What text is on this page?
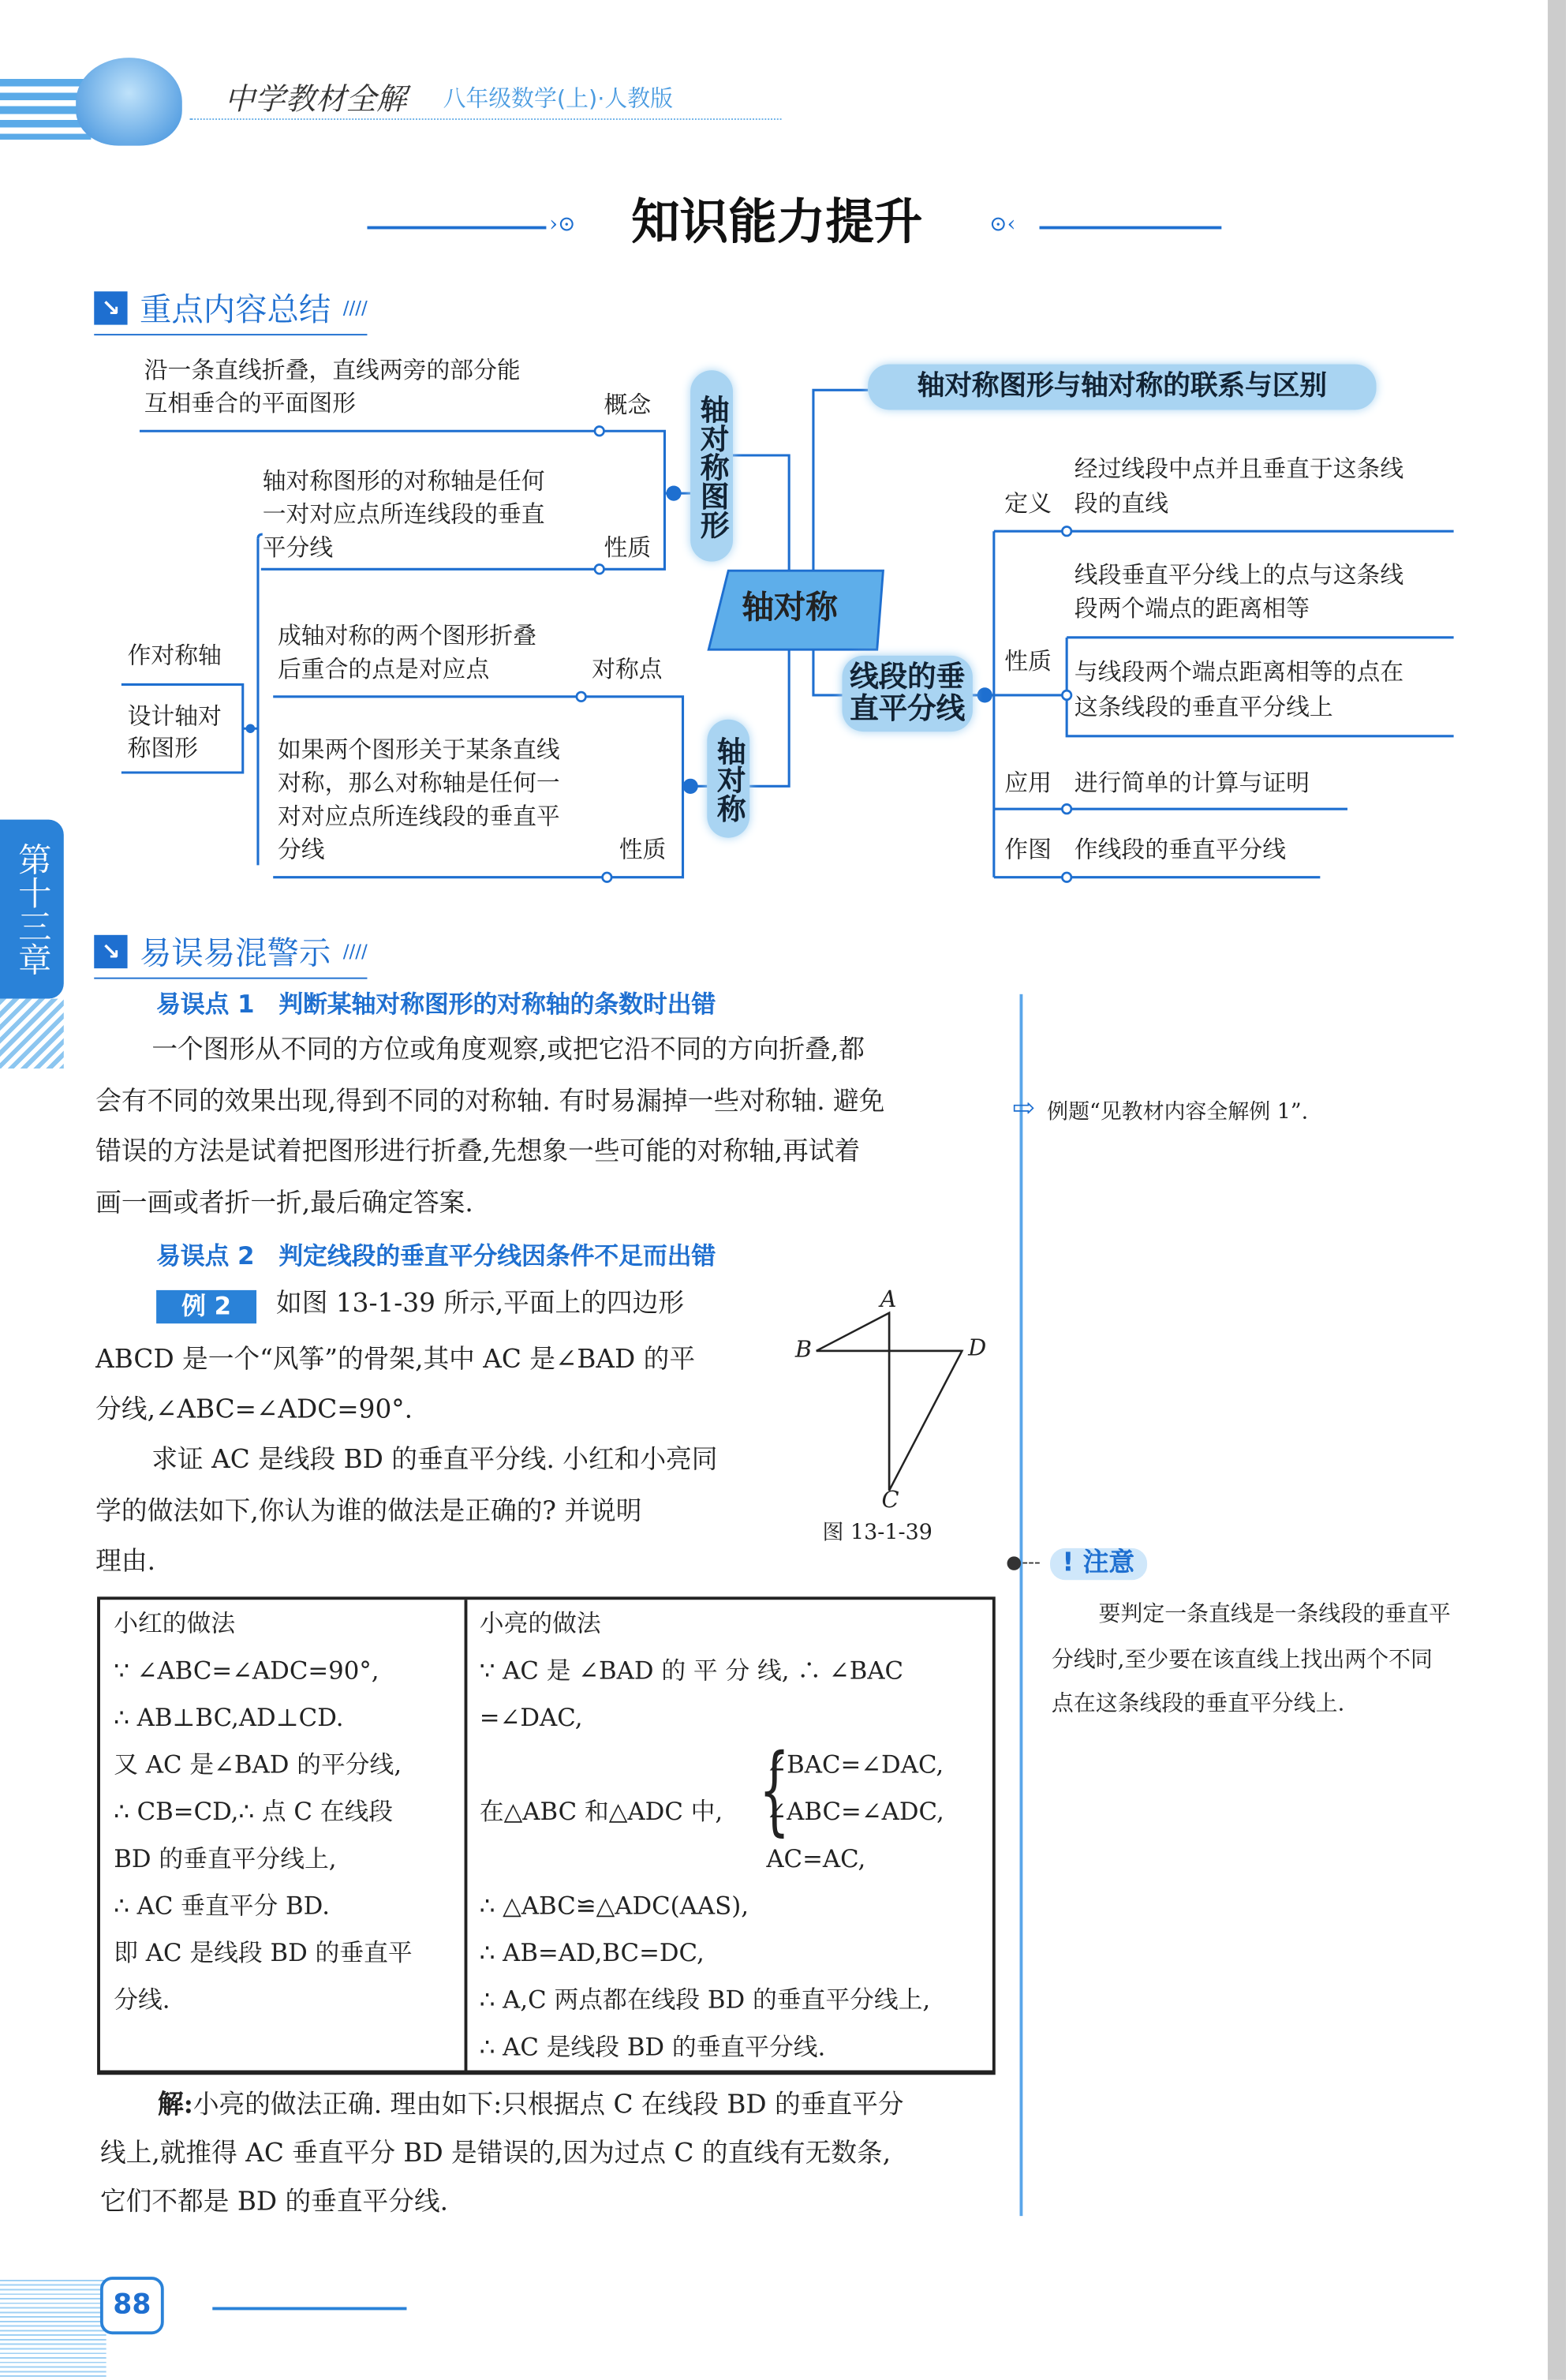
中学教材全解	八年级数学(上)·人教版
›⊙ 知识能力提升	⊙‹
↘	重点内容总结 ////
轴对称
轴对称图形与轴对称的联系与区别
轴对称图形
轴对称
线段的垂
直平分线
沿一条直线折叠，直线两旁的部分能
互相垂合的平面图形	概念
轴对称图形的对称轴是任何
一对对应点所连线段的垂直
平分线	性质
成轴对称的两个图形折叠
后重合的点是对应点	对称点
如果两个图形关于某条直线
对称，那么对称轴是任何一
对对应点所连线段的垂直平
分线	性质
作对称轴
设计轴对
称图形
经过线段中点并且垂直于这条线
段的直线
定义
线段垂直平分线上的点与这条线
段两个端点的距离相等
与线段两个端点距离相等的点在
这条线段的垂直平分线上
性质
应用 进行简单的计算与证明
作图 作线段的垂直平分线
第十三章	↘	易误易混警示 ////
易误点 1　判断某轴对称图形的对称轴的条数时出错
一个图形从不同的方位或角度观察,或把它沿不同的方向折叠,都
会有不同的效果出现,得到不同的对称轴. 有时易漏掉一些对称轴. 避免
错误的方法是试着把图形进行折叠,先想象一些可能的对称轴,再试着
画一画或者折一折,最后确定答案.
⇨ 例题“见教材内容全解例 1”.
易误点 2　判定线段的垂直平分线因条件不足而出错
例 2	如图 13-1-39 所示,平面上的四边形
ABCD 是一个“风筝”的骨架,其中 AC 是∠BAD 的平
分线,∠ABC=∠ADC=90°.
求证 AC 是线段 BD 的垂直平分线. 小红和小亮同
学的做法如下,你认为谁的做法是正确的? 并说明
理由.
A
B
C
D
图 13-1-39
●---	! 注意
要判定一条直线是一条线段的垂直平
分线时,至少要在该直线上找出两个不同
点在这条线段的垂直平分线上.
小红的做法
∵ ∠ABC=∠ADC=90°,
∴ AB⊥BC,AD⊥CD.
又 AC 是∠BAD 的平分线,
∴ CB=CD,∴ 点 C 在线段
BD 的垂直平分线上,
∴ AC 垂直平分 BD.
即 AC 是线段 BD 的垂直平
分线.
小亮的做法
∵ AC 是 ∠BAD 的 平 分 线, ∴ ∠BAC
=∠DAC,
在△ABC 和△ADC 中, {
∠BAC=∠DAC,
∠ABC=∠ADC,
AC=AC,
∴ △ABC≌△ADC(AAS),
∴ AB=AD,BC=DC,
∴ A,C 两点都在线段 BD 的垂直平分线上,
∴ AC 是线段 BD 的垂直平分线.
解:小亮的做法正确. 理由如下:只根据点 C 在线段 BD 的垂直平分
线上,就推得 AC 垂直平分 BD 是错误的,因为过点 C 的直线有无数条,
它们不都是 BD 的垂直平分线.
88
